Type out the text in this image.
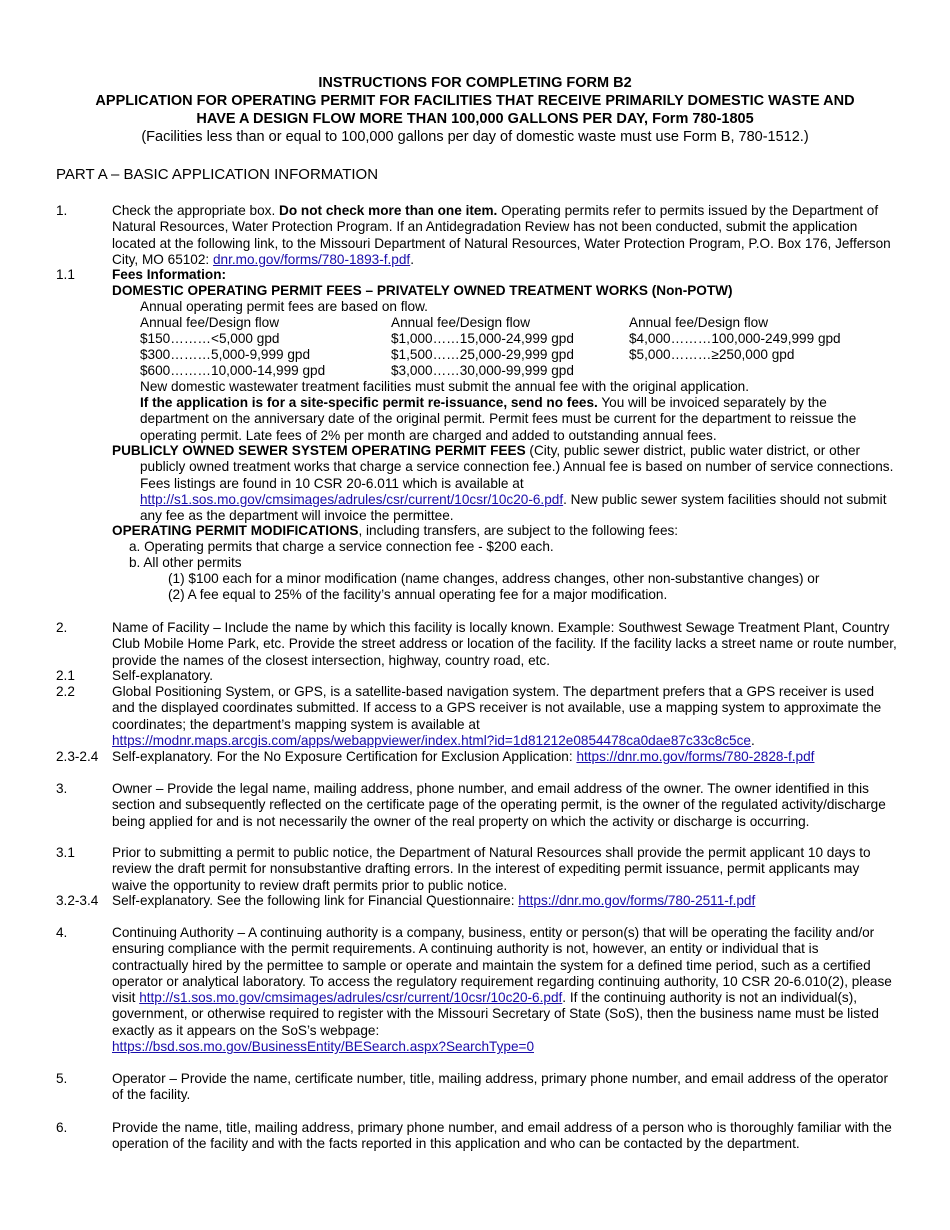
INSTRUCTIONS FOR COMPLETING FORM B2
APPLICATION FOR OPERATING PERMIT FOR FACILITIES THAT RECEIVE PRIMARILY DOMESTIC WASTE AND
HAVE A DESIGN FLOW MORE THAN 100,000 GALLONS PER DAY, Form 780-1805
(Facilities less than or equal to 100,000 gallons per day of domestic waste must use Form B, 780-1512.)
PART A – BASIC APPLICATION INFORMATION
1.	Check the appropriate box. Do not check more than one item. Operating permits refer to permits issued by the Department of Natural Resources, Water Protection Program. If an Antidegradation Review has not been conducted, submit the application located at the following link, to the Missouri Department of Natural Resources, Water Protection Program, P.O. Box 176, Jefferson City, MO 65102: dnr.mo.gov/forms/780-1893-f.pdf.
1.1	Fees Information:
DOMESTIC OPERATING PERMIT FEES – PRIVATELY OWNED TREATMENT WORKS (Non-POTW)
Annual operating permit fees are based on flow.
Annual fee/Design flow	Annual fee/Design flow	Annual fee/Design flow
$150………<5,000 gpd	$1,000……15,000-24,999 gpd	$4,000………100,000-249,999 gpd
$300………5,000-9,999 gpd	$1,500……25,000-29,999 gpd	$5,000………≥250,000 gpd
$600………10,000-14,999 gpd	$3,000……30,000-99,999 gpd
New domestic wastewater treatment facilities must submit the annual fee with the original application.
If the application is for a site-specific permit re-issuance, send no fees. You will be invoiced separately by the department on the anniversary date of the original permit. Permit fees must be current for the department to reissue the operating permit. Late fees of 2% per month are charged and added to outstanding annual fees.
PUBLICLY OWNED SEWER SYSTEM OPERATING PERMIT FEES (City, public sewer district, public water district, or other publicly owned treatment works that charge a service connection fee.) Annual fee is based on number of service connections. Fees listings are found in 10 CSR 20-6.011 which is available at http://s1.sos.mo.gov/cmsimages/adrules/csr/current/10csr/10c20-6.pdf. New public sewer system facilities should not submit any fee as the department will invoice the permittee.
OPERATING PERMIT MODIFICATIONS, including transfers, are subject to the following fees:
a. Operating permits that charge a service connection fee - $200 each.
b. All other permits
(1) $100 each for a minor modification (name changes, address changes, other non-substantive changes) or
(2) A fee equal to 25% of the facility’s annual operating fee for a major modification.
2.	Name of Facility – Include the name by which this facility is locally known. Example: Southwest Sewage Treatment Plant, Country Club Mobile Home Park, etc. Provide the street address or location of the facility. If the facility lacks a street name or route number, provide the names of the closest intersection, highway, country road, etc.
2.1	Self-explanatory.
2.2	Global Positioning System, or GPS, is a satellite-based navigation system. The department prefers that a GPS receiver is used and the displayed coordinates submitted. If access to a GPS receiver is not available, use a mapping system to approximate the coordinates; the department’s mapping system is available at
https://modnr.maps.arcgis.com/apps/webappviewer/index.html?id=1d81212e0854478ca0dae87c33c8c5ce.
2.3-2.4 Self-explanatory. For the No Exposure Certification for Exclusion Application: https://dnr.mo.gov/forms/780-2828-f.pdf
3.	Owner – Provide the legal name, mailing address, phone number, and email address of the owner. The owner identified in this section and subsequently reflected on the certificate page of the operating permit, is the owner of the regulated activity/discharge being applied for and is not necessarily the owner of the real property on which the activity or discharge is occurring.
3.1	Prior to submitting a permit to public notice, the Department of Natural Resources shall provide the permit applicant 10 days to review the draft permit for nonsubstantive drafting errors. In the interest of expediting permit issuance, permit applicants may waive the opportunity to review draft permits prior to public notice.
3.2-3.4 Self-explanatory. See the following link for Financial Questionnaire: https://dnr.mo.gov/forms/780-2511-f.pdf
4.	Continuing Authority – A continuing authority is a company, business, entity or person(s) that will be operating the facility and/or ensuring compliance with the permit requirements. A continuing authority is not, however, an entity or individual that is contractually hired by the permittee to sample or operate and maintain the system for a defined time period, such as a certified operator or analytical laboratory. To access the regulatory requirement regarding continuing authority, 10 CSR 20-6.010(2), please visit http://s1.sos.mo.gov/cmsimages/adrules/csr/current/10csr/10c20-6.pdf. If the continuing authority is not an individual(s), government, or otherwise required to register with the Missouri Secretary of State (SoS), then the business name must be listed exactly as it appears on the SoS’s webpage:
https://bsd.sos.mo.gov/BusinessEntity/BESearch.aspx?SearchType=0
5.	Operator – Provide the name, certificate number, title, mailing address, primary phone number, and email address of the operator of the facility.
6.	Provide the name, title, mailing address, primary phone number, and email address of a person who is thoroughly familiar with the operation of the facility and with the facts reported in this application and who can be contacted by the department.
